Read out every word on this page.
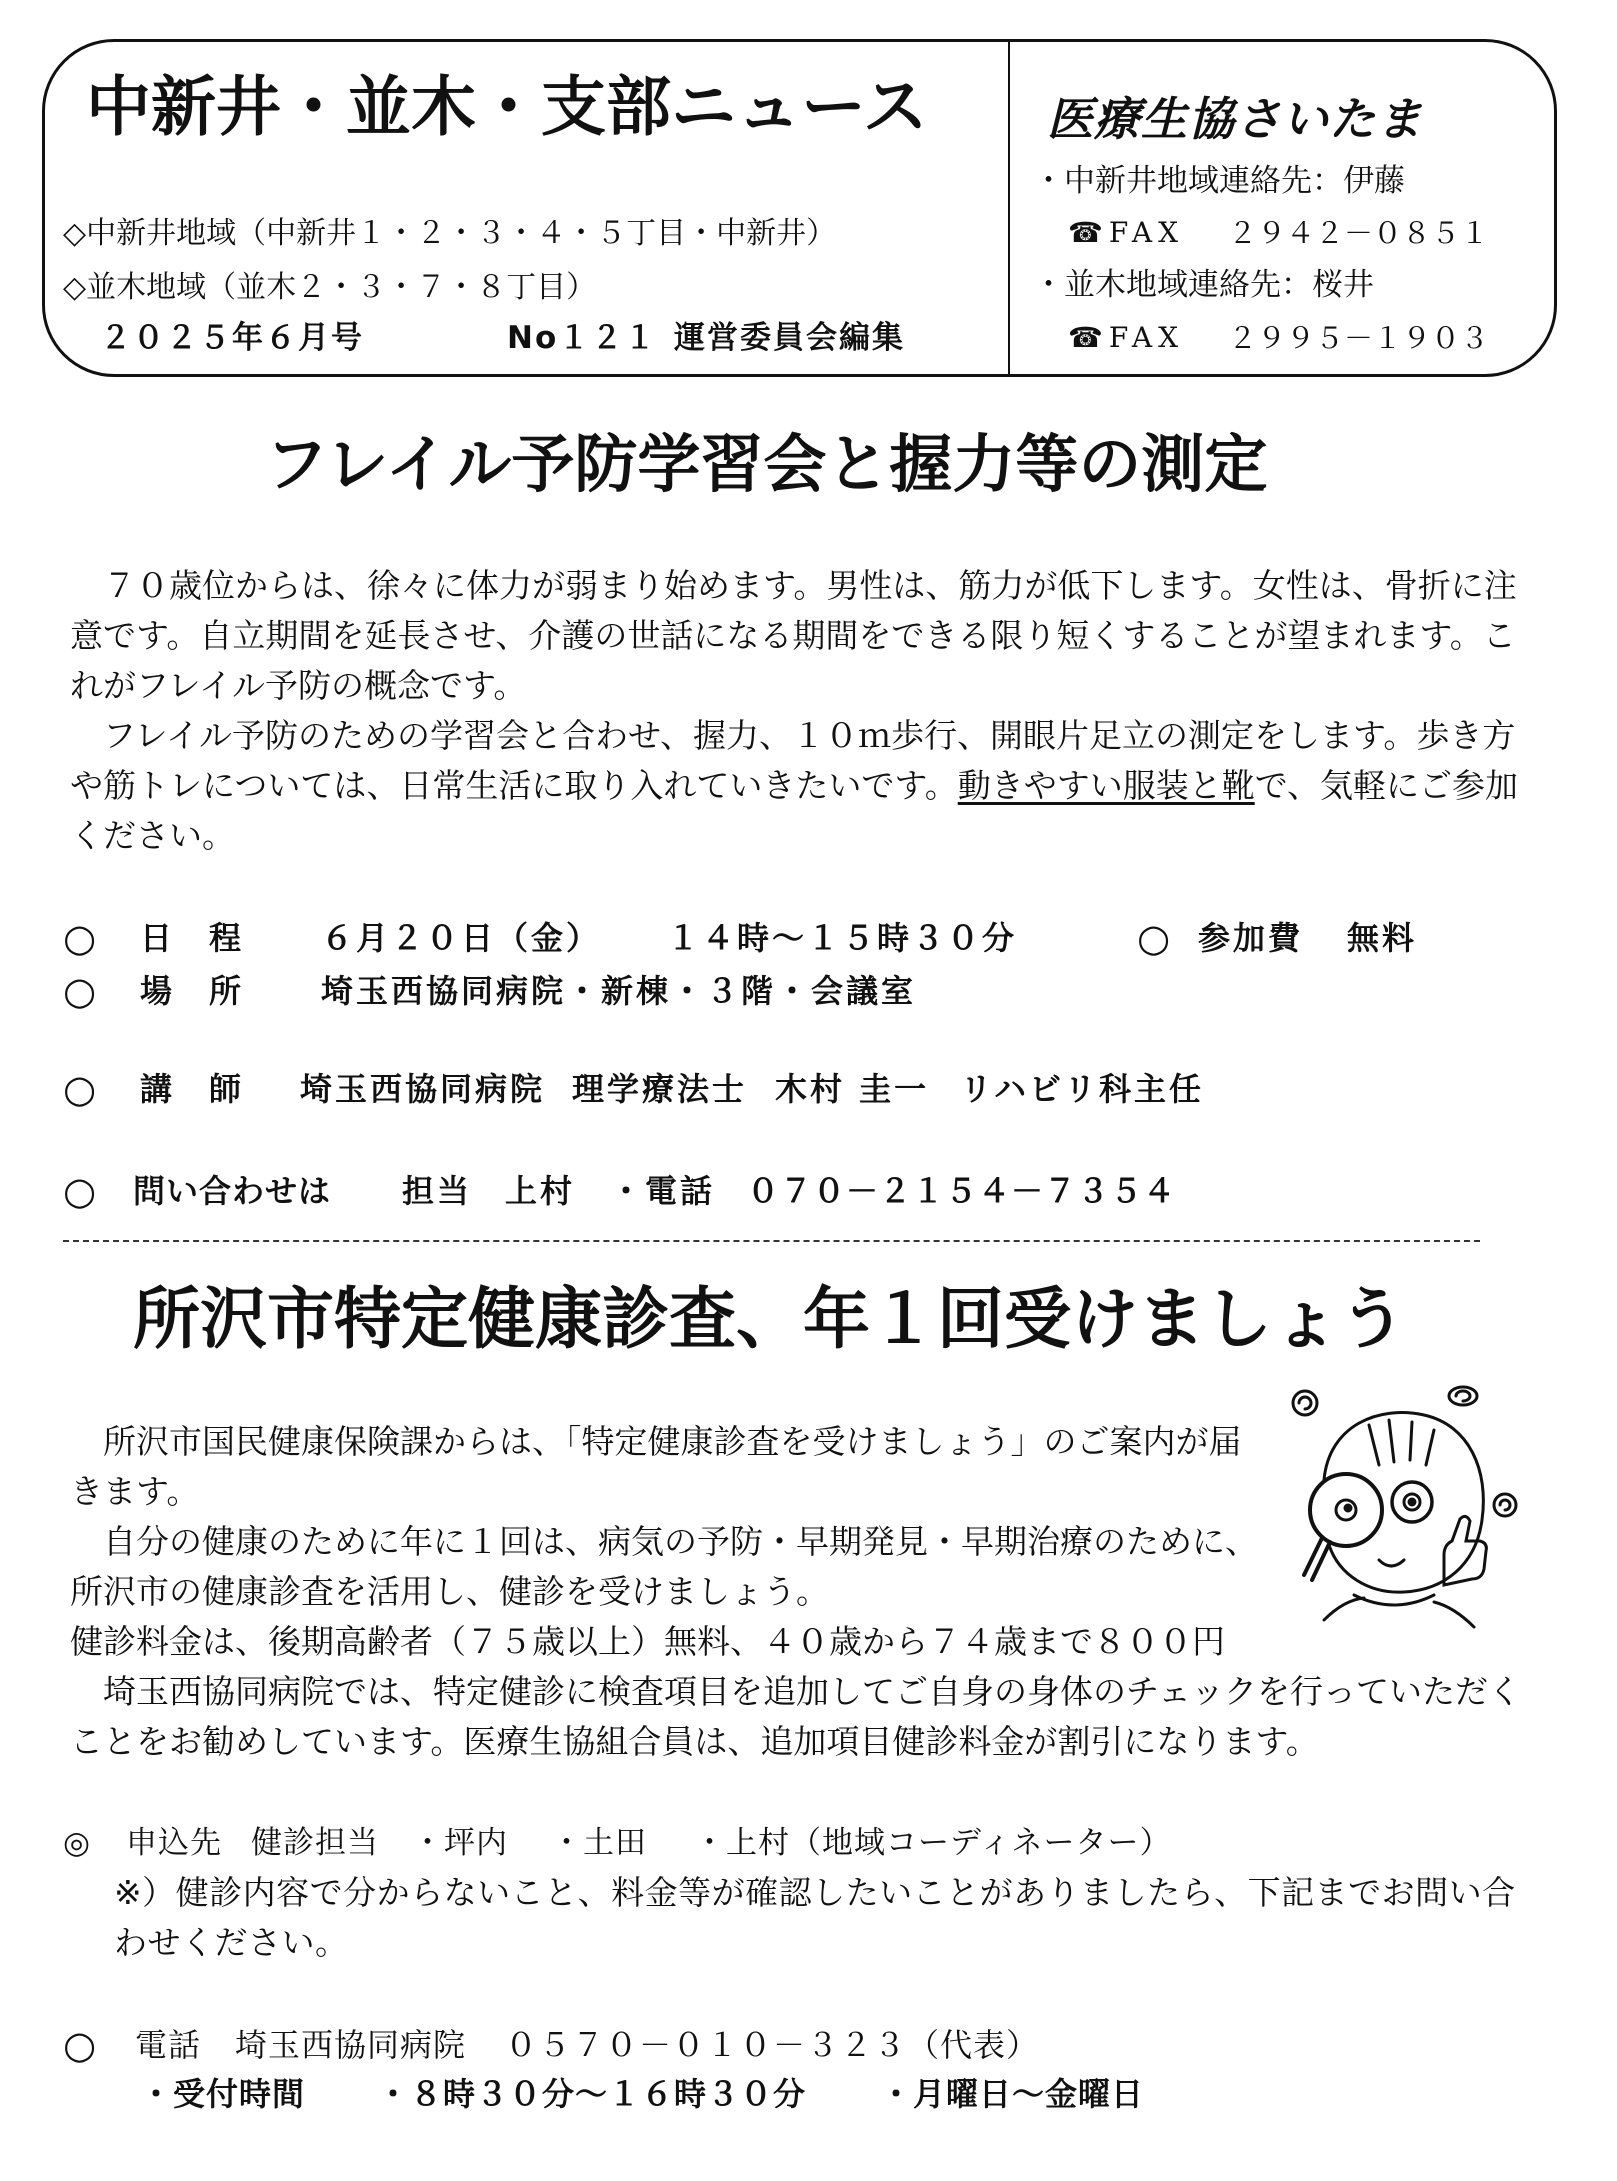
中新井・並木・支部ニュース
◇中新井地域（中新井１・２・３・４・５丁目・中新井）
◇並木地域（並木２・３・７・８丁目）
２０２５年６月号	No１２１ 運営委員会編集
医療生協さいたま
・中新井地域連絡先：伊藤
☎FAX ２９４２－０８５１
・並木地域連絡先：桜井
☎FAX ２９９５－１９０３
フレイル予防学習会と握力等の測定
７０歳位からは、徐々に体力が弱まり始めます。男性は、筋力が低下します。女性は、骨折に注
意です。自立期間を延長させ、介護の世話になる期間をできる限り短くすることが望まれます。こ
れがフレイル予防の概念です。
フレイル予防のための学習会と合わせ、握力、１０ｍ歩行、開眼片足立の測定をします。歩き方
や筋トレについては、日常生活に取り入れていきたいです。動きやすい服装と靴で、気軽にご参加
ください。
○ 日 程 ６月２０日（金） １４時～１５時３０分	○ 参加費 無料
○ 場 所 埼玉西協同病院・新棟・３階・会議室
○ 講 師 埼玉西協同病院 理学療法士 木村 圭一 リハビリ科主任
○ 問い合わせは 担当 上村 ・電話 ０７０－２１５４－７３５４
所沢市特定健康診査、年１回受けましょう
所沢市国民健康保険課からは、「特定健康診査を受けましょう」のご案内が届
きます。
自分の健康のために年に１回は、病気の予防・早期発見・早期治療のために、
所沢市の健康診査を活用し、健診を受けましょう。
健診料金は、後期高齢者（７５歳以上）無料、４０歳から７４歳まで８００円
埼玉西協同病院では、特定健診に検査項目を追加してご自身の身体のチェックを行っていただく
ことをお勧めしています。医療生協組合員は、追加項目健診料金が割引になります。
◎ 申込先 健診担当 ・坪内 ・土田 ・上村（地域コーディネーター）
※）健診内容で分からないこと、料金等が確認したいことがありましたら、下記までお問い合
わせください。
○ 電話 埼玉西協同病院 ０５７０－０１０－３２３ （代表）
・受付時間 ・８時３０分～１６時３０分 ・月曜日～金曜日
